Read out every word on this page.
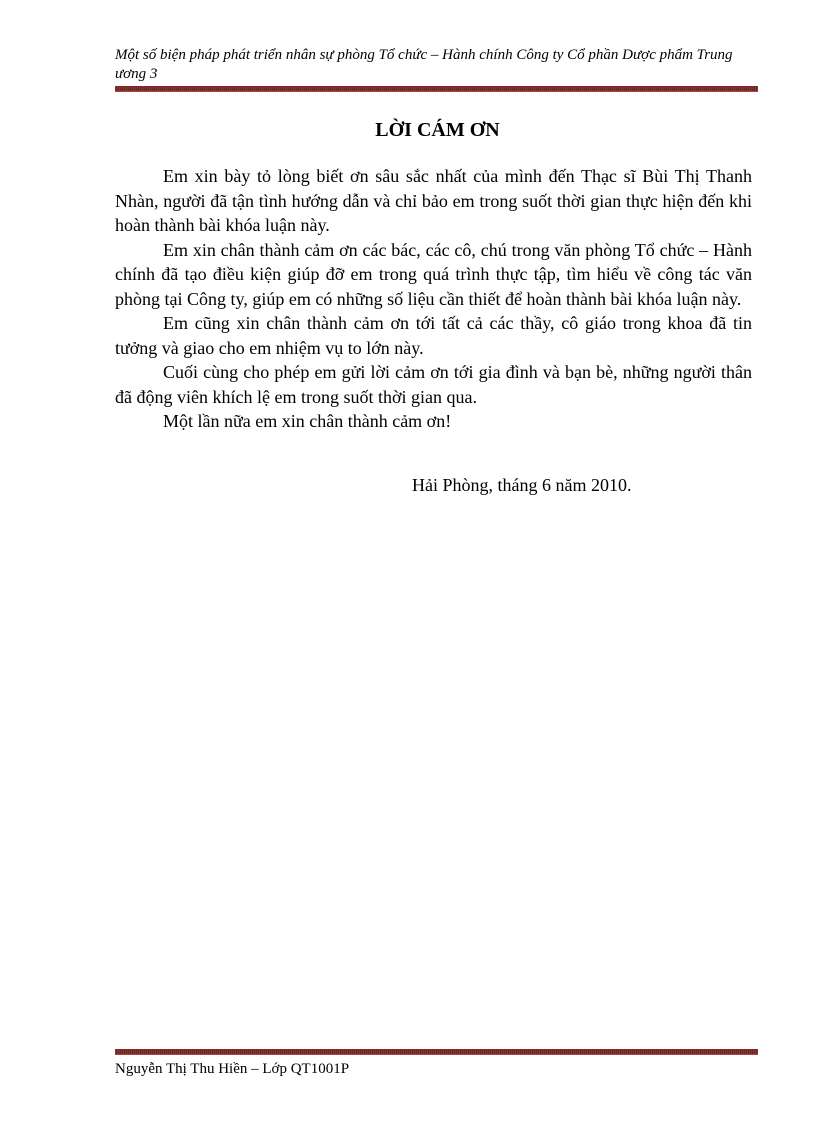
Một số biện pháp phát triển nhân sự phòng Tổ chức – Hành chính Công ty Cổ phần Dược phẩm Trung ương 3

LỜI CÁM ƠN

Em xin bày tỏ lòng biết ơn sâu sắc nhất của mình đến Thạc sĩ Bùi Thị Thanh Nhàn, người đã tận tình hướng dẫn và chỉ bảo em trong suốt thời gian thực hiện đến khi hoàn thành bài khóa luận này.

Em xin chân thành cảm ơn các bác, các cô, chú trong văn phòng Tổ chức – Hành chính đã tạo điều kiện giúp đỡ em trong quá trình thực tập, tìm hiểu về công tác văn phòng tại Công ty, giúp em có những số liệu cần thiết để hoàn thành bài khóa luận này.

Em cũng xin chân thành cảm ơn tới tất cả các thầy, cô giáo trong khoa đã tin tưởng và giao cho em nhiệm vụ to lớn này.

Cuối cùng cho phép em gửi lời cảm ơn tới gia đình và bạn bè, những người thân đã động viên khích lệ em trong suốt thời gian qua.

Một lần nữa em xin chân thành cảm ơn!

Hải Phòng, tháng 6 năm 2010.

Nguyễn Thị Thu Hiền – Lớp QT1001P
